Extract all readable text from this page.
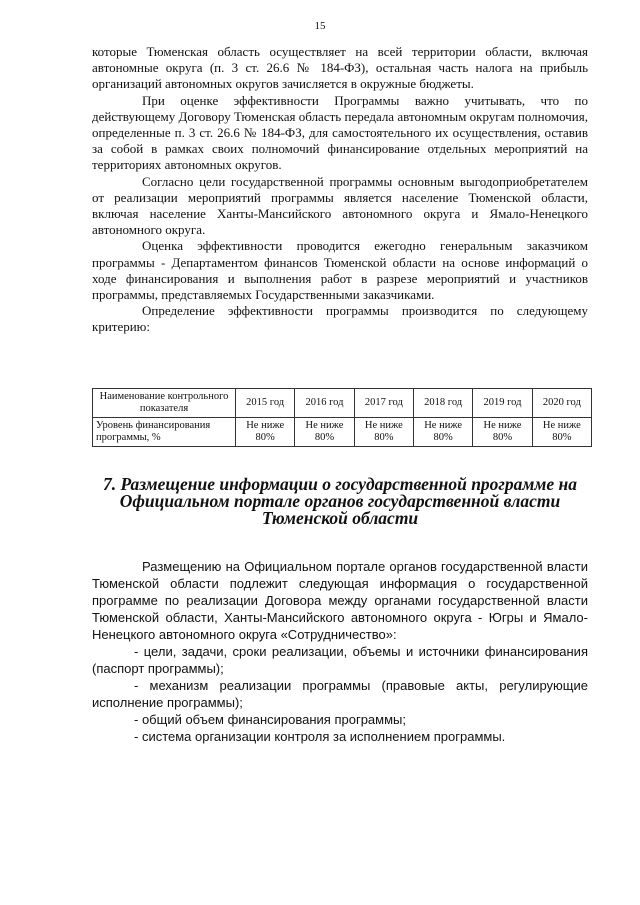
15

которые Тюменская область осуществляет на всей территории области, включая автономные округа (п. 3 ст. 26.6 № 184-ФЗ), остальная часть налога на прибыль организаций автономных округов зачисляется в окружные бюджеты.

При оценке эффективности Программы важно учитывать, что по действующему Договору Тюменская область передала автономным округам полномочия, определенные п. 3 ст. 26.6 № 184-ФЗ, для самостоятельного их осуществления, оставив за собой в рамках своих полномочий финансирование отдельных мероприятий на территориях автономных округов.

Согласно цели государственной программы основным выгодоприобретателем от реализации мероприятий программы является население Тюменской области, включая население Ханты-Мансийского автономного округа и Ямало-Ненецкого автономного округа.

Оценка эффективности проводится ежегодно генеральным заказчиком программы - Департаментом финансов Тюменской области на основе информаций о ходе финансирования и выполнения работ в разрезе мероприятий и участников программы, представляемых Государственными заказчиками.

Определение эффективности программы производится по следующему критерию:

Наименование контрольного показателя	2015 год	2016 год	2017 год	2018 год	2019 год	2020 год
Уровень финансирования программы, %	Не ниже 80%	Не ниже 80%	Не ниже 80%	Не ниже 80%	Не ниже 80%	Не ниже 80%
7. Размещение информации о государственной программе на Официальном портале органов государственной власти Тюменской области

Размещению на Официальном портале органов государственной власти Тюменской области подлежит следующая информация о государственной программе по реализации Договора между органами государственной власти Тюменской области, Ханты-Мансийского автономного округа - Югры и Ямало-Ненецкого автономного округа «Сотрудничество»:

- цели, задачи, сроки реализации, объемы и источники финансирования (паспорт программы);

- механизм реализации программы (правовые акты, регулирующие исполнение программы);

- общий объем финансирования программы;

- система организации контроля за исполнением программы.
